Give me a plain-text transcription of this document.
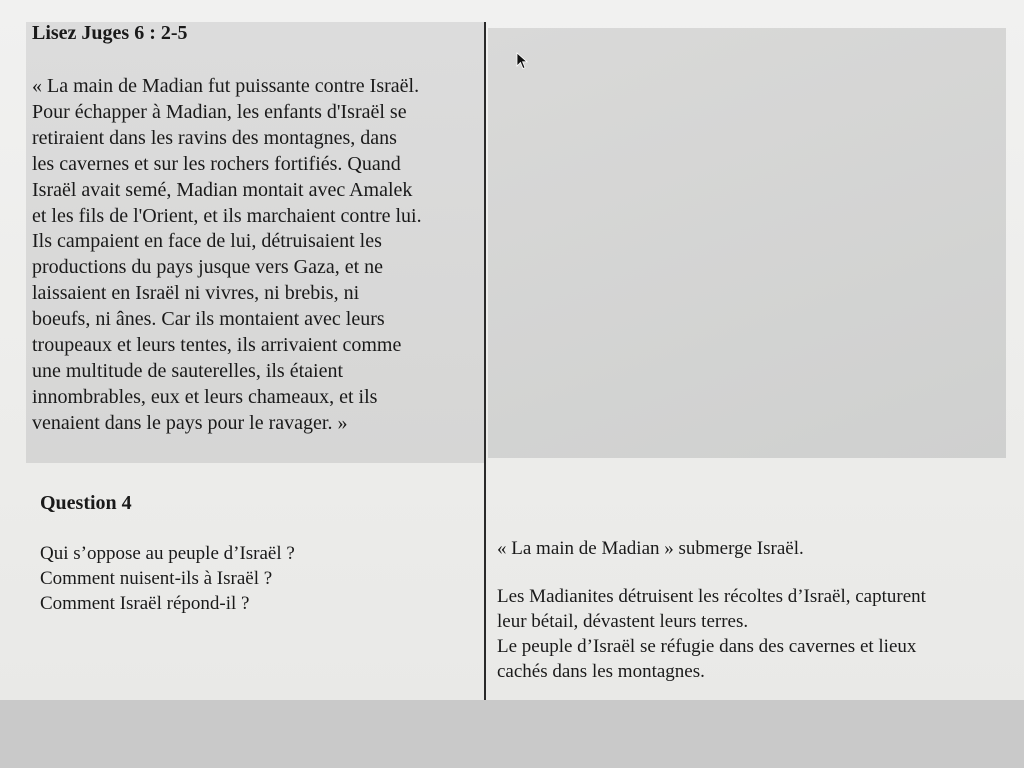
Lisez Juges 6 : 2-5

« La main de Madian fut puissante contre Israël.
Pour échapper à Madian, les enfants d'Israël se
retiraient dans les ravins des montagnes, dans
les cavernes et sur les rochers fortifiés. Quand
Israël avait semé, Madian montait avec Amalek
et les fils de l'Orient, et ils marchaient contre lui.
Ils campaient en face de lui, détruisaient les
productions du pays jusque vers Gaza, et ne
laissaient en Israël ni vivres, ni brebis, ni
boeufs, ni ânes. Car ils montaient avec leurs
troupeaux et leurs tentes, ils arrivaient comme
une multitude de sauterelles, ils étaient
innombrables, eux et leurs chameaux, et ils
venaient dans le pays pour le ravager. »

Question 4
Qui s’oppose au peuple d’Israël ?
Comment nuisent-ils à Israël ?
Comment Israël répond-il ?

« La main de Madian » submerge Israël.

Les Madianites détruisent les récoltes d’Israël, capturent
leur bétail, dévastent leurs terres.
Le peuple d’Israël se réfugie dans des cavernes et lieux
cachés dans les montagnes.
